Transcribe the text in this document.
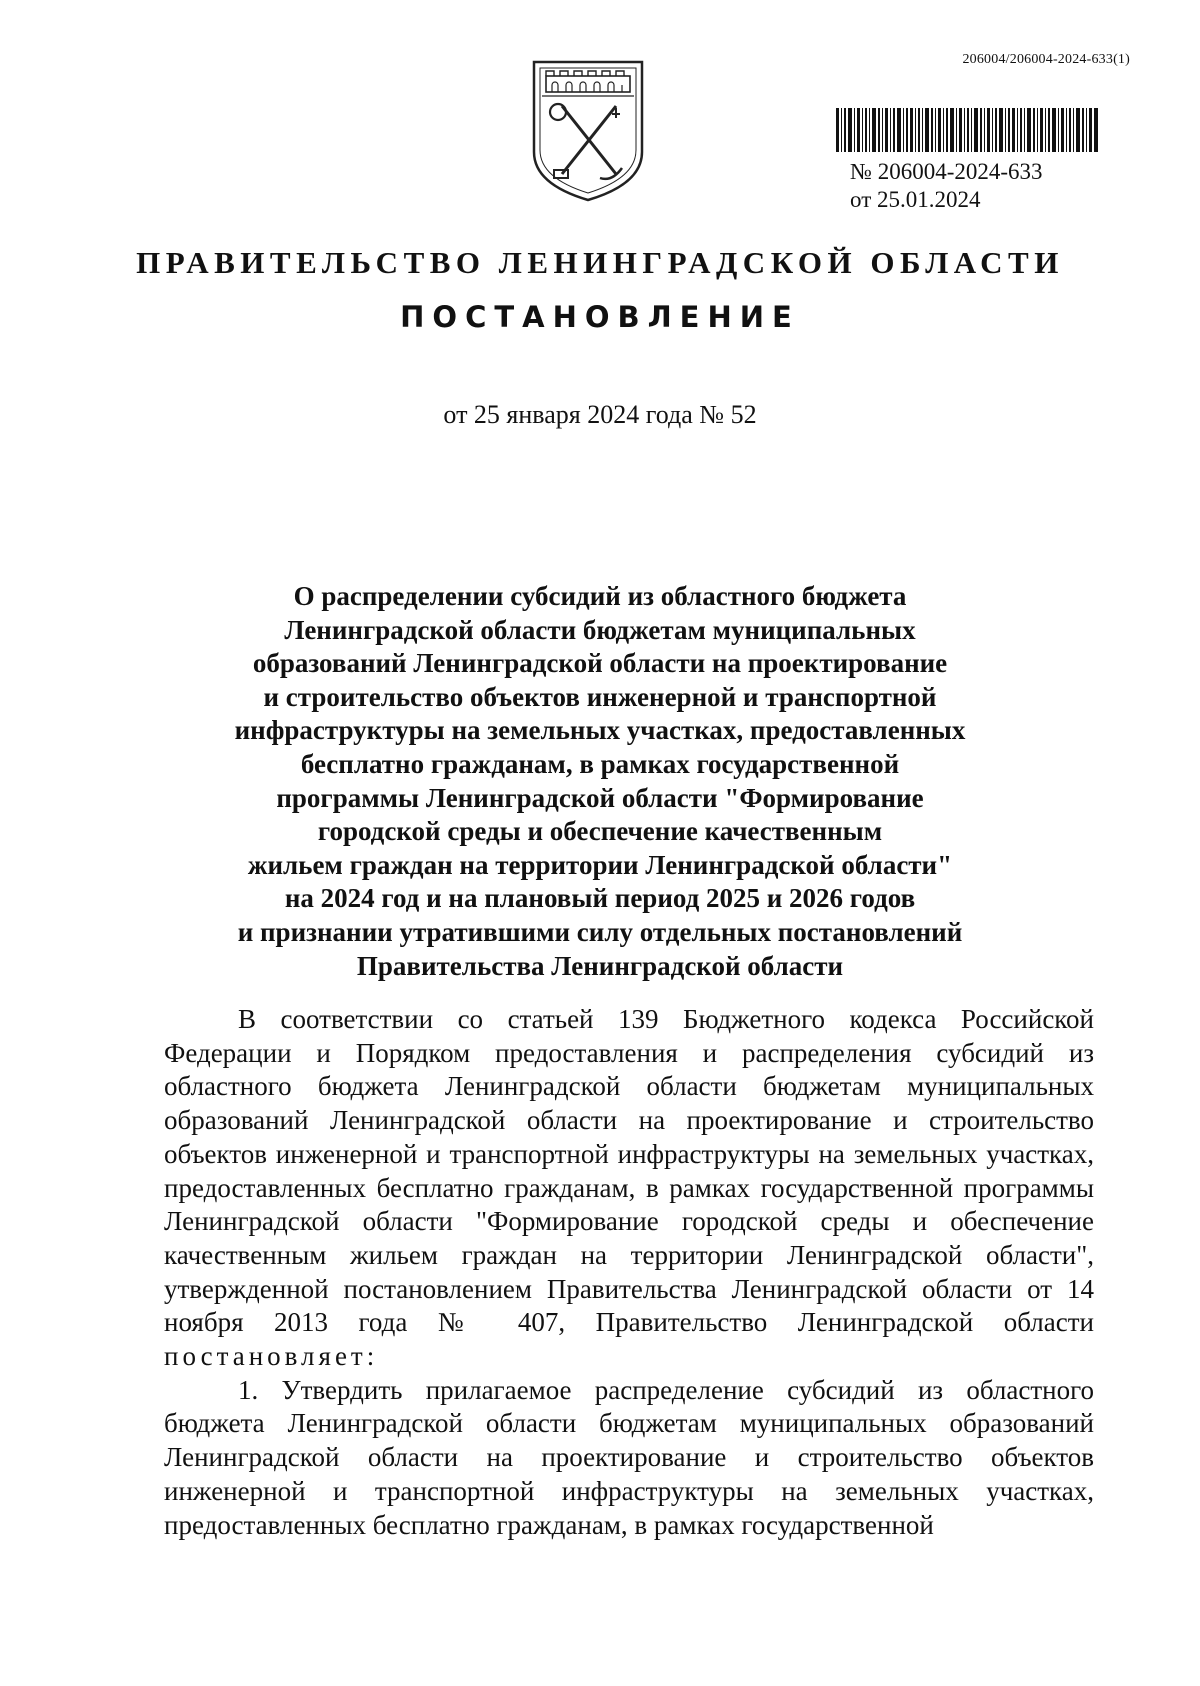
206004/206004-2024-633(1)
№ 206004-2024-633
от 25.01.2024
ПРАВИТЕЛЬСТВО ЛЕНИНГРАДСКОЙ ОБЛАСТИ
ПОСТАНОВЛЕНИЕ
от 25 января 2024 года № 52
О распределении субсидий из областного бюджета
Ленинградской области бюджетам муниципальных
образований Ленинградской области на проектирование
и строительство объектов инженерной и транспортной
инфраструктуры на земельных участках, предоставленных
бесплатно гражданам, в рамках государственной
программы Ленинградской области "Формирование
городской среды и обеспечение качественным
жильем граждан на территории Ленинградской области"
на 2024 год и на плановый период 2025 и 2026 годов
и признании утратившими силу отдельных постановлений
Правительства Ленинградской области

В соответствии со статьей 139 Бюджетного кодекса Российской Федерации и Порядком предоставления и распределения субсидий из областного бюджета Ленинградской области бюджетам муниципальных образований Ленинградской области на проектирование и строительство объектов инженерной и транспортной инфраструктуры на земельных участках, предоставленных бесплатно гражданам, в рамках государственной программы Ленинградской области "Формирование городской среды и обеспечение качественным жильем граждан на территории Ленинградской области", утвержденной постановлением Правительства Ленинградской области от 14 ноября 2013 года № 407, Правительство Ленинградской области постановляет:

1. Утвердить прилагаемое распределение субсидий из областного бюджета Ленинградской области бюджетам муниципальных образований Ленинградской области на проектирование и строительство объектов инженерной и транспортной инфраструктуры на земельных участках, предоставленных бесплатно гражданам, в рамках государственной
